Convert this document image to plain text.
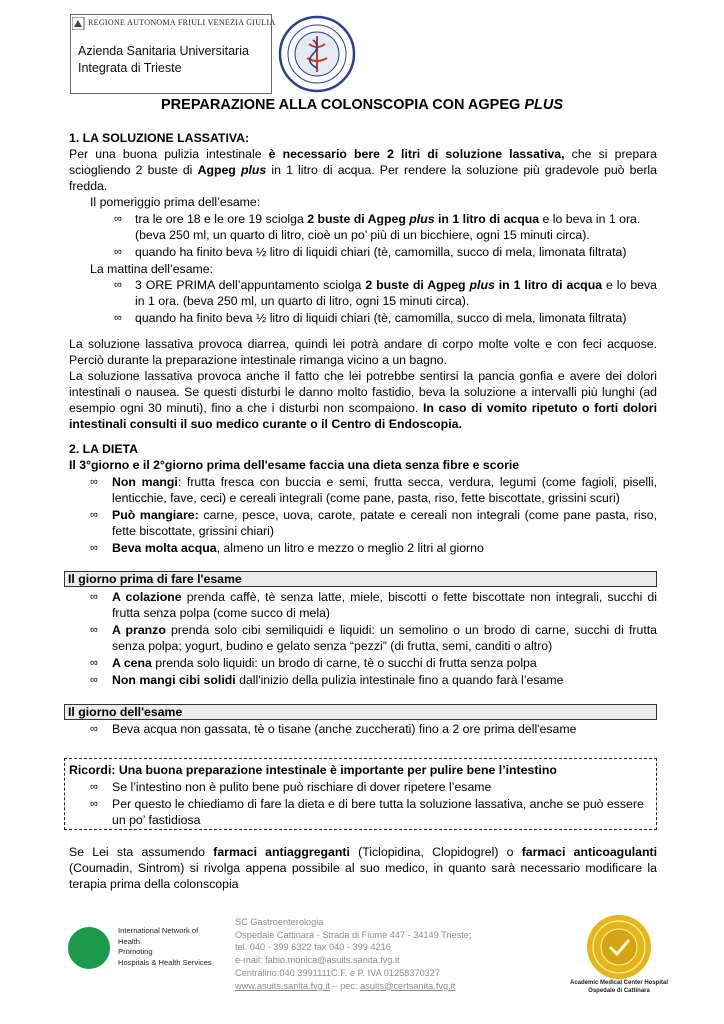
REGIONE AUTONOMA FRIULI VENEZIA GIULIA
Azienda Sanitaria Universitaria
Integrata di Trieste
PREPARAZIONE ALLA COLONSCOPIA CON AGPEG PLUS
1. LA SOLUZIONE LASSATIVA:
Per una buona pulizia intestinale è necessario bere 2 litri di soluzione lassativa, che si prepara
sciogliendo 2 buste di Agpeg plus in 1 litro di acqua. Per rendere la soluzione più gradevole può berla
fredda.
Il pomeriggio prima dell’esame:
∞ tra le ore 18 e le ore 19 sciolga 2 buste di Agpeg plus in 1 litro di acqua e lo beva in 1 ora.
(beva 250 ml, un quarto di litro, cioè un po’ più di un bicchiere, ogni 15 minuti circa).
∞ quando ha finito beva ½ litro di liquidi chiari (tè, camomilla, succo di mela, limonata filtrata)
La mattina dell’esame:
∞ 3 ORE PRIMA dell’appuntamento sciolga 2 buste di Agpeg plus in 1 litro di acqua e lo beva
in 1 ora. (beva 250 ml, un quarto di litro, ogni 15 minuti circa).
∞ quando ha finito beva ½ litro di liquidi chiari (tè, camomilla, succo di mela, limonata filtrata)
La soluzione lassativa provoca diarrea, quindi lei potrà andare di corpo molte volte e con feci acquose.
Perciò durante la preparazione intestinale rimanga vicino a un bagno.
La soluzione lassativa provoca anche il fatto che lei potrebbe sentirsi la pancia gonfia e avere dei dolori
intestinali o nausea. Se questi disturbi le danno molto fastidio, beva la soluzione a intervalli più lunghi (ad
esempio ogni 30 minuti), fino a che i disturbi non scompaiono. In caso di vomito ripetuto o forti dolori
intestinali consulti il suo medico curante o il Centro di Endoscopia.
2. LA DIETA
Il 3°giorno e il 2°giorno prima dell'esame faccia una dieta senza fibre e scorie
∞ Non mangi: frutta fresca con buccia e semi, frutta secca, verdura, legumi (come fagioli, piselli,
lenticchie, fave, ceci) e cereali integrali (come pane, pasta, riso, fette biscottate, grissini scuri)
∞ Può mangiare: carne, pesce, uova, carote, patate e cereali non integrali (come pane pasta, riso,
fette biscottate, grissini chiari)
∞ Beva molta acqua, almeno un litro e mezzo o meglio 2 litri al giorno
Il giorno prima di fare l'esame
∞ A colazione prenda caffè, tè senza latte, miele, biscotti o fette biscottate non integrali, succhi di
frutta senza polpa (come succo di mela)
∞ A pranzo prenda solo cibi semiliquidi e liquidi: un semolino o un brodo di carne, succhi di frutta
senza polpa; yogurt, budino e gelato senza “pezzi” (di frutta, semi, canditi o altro)
∞ A cena prenda solo liquidi: un brodo di carne, tè o succhi di frutta senza polpa
∞ Non mangi cibi solidi dall'inizio della pulizia intestinale fino a quando farà l’esame
Il giorno dell'esame
∞ Beva acqua non gassata, tè o tisane (anche zuccherati) fino a 2 ore prima dell'esame
Ricordi: Una buona preparazione intestinale è importante per pulire bene l’intestino
∞ Se l’intestino non è pulito bene può rischiare di dover ripetere l’esame
∞ Per questo le chiediamo di fare la dieta e di bere tutta la soluzione lassativa, anche se può essere
un po’ fastidiosa
Se Lei sta assumendo farmaci antiaggreganti (Ticlopidina, Clopidogrel) o farmaci anticoagulanti
(Coumadin, Sintrom) si rivolga appena possibile al suo medico, in quanto sarà necessario modificare la
terapia prima della colonscopia
International Network of
Health
Promoting
Hospitals & Health Services
SC Gastroenterologia
Ospedale Cattinara - Strada di Fiume 447 - 34149 Trieste;
tel. 040 - 399 6322 fax 040 - 399 4216
e-mail: fabio.monica@asuits.sanita.fvg.it
Centralino:040 3991111C.F. e P. IVA 01258370327
www.asuits.sanita.fvg.it – pec: asuits@certsanita.fvg.it	Academic Medical Center Hospital
Ospedale di Cattinara
